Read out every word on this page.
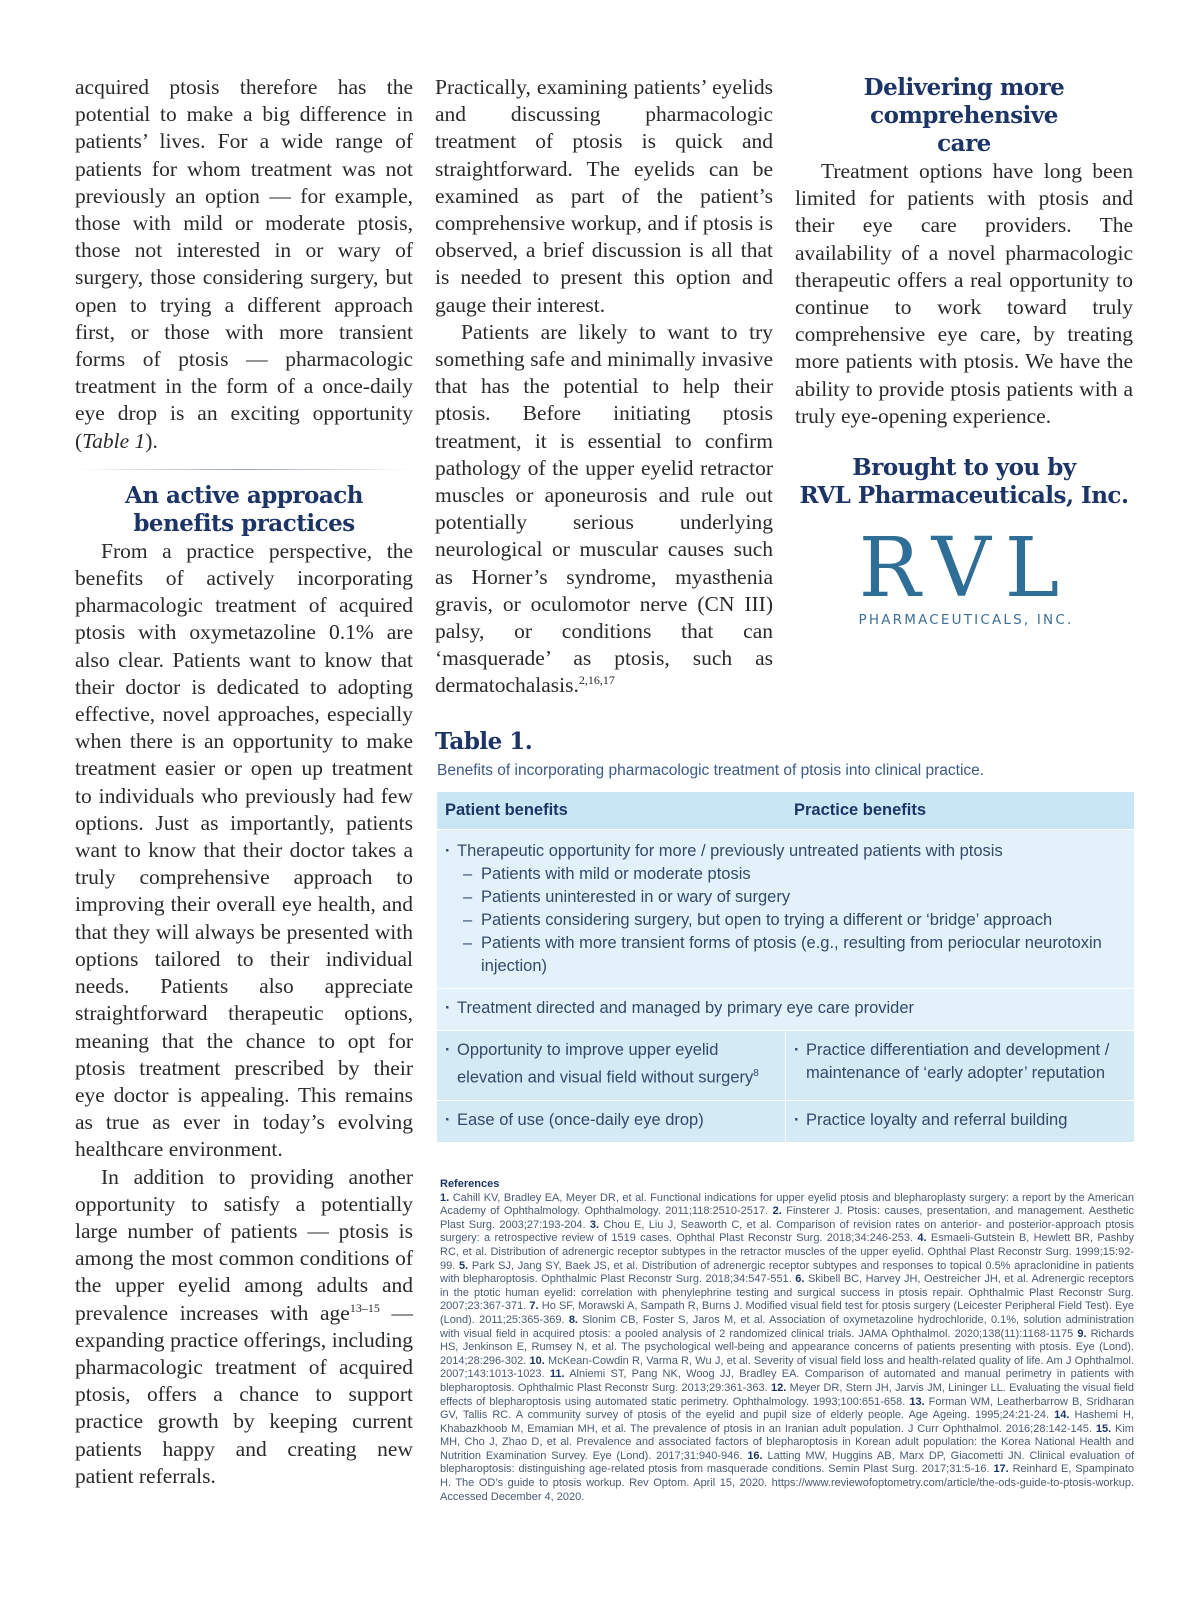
acquired ptosis therefore has the potential to make a big difference in patients’ lives. For a wide range of patients for whom treatment was not previously an option — for example, those with mild or moderate ptosis, those not interested in or wary of surgery, those considering surgery, but open to trying a different approach first, or those with more transient forms of ptosis — pharmacologic treatment in the form of a once-daily eye drop is an exciting opportunity (Table 1).

An active approach benefits practices

From a practice perspective, the benefits of actively incorporating pharmacologic treatment of acquired ptosis with oxymetazoline 0.1% are also clear. Patients want to know that their doctor is dedicated to adopting effective, novel approaches, especially when there is an opportunity to make treatment easier or open up treatment to individuals who previously had few options. Just as importantly, patients want to know that their doctor takes a truly comprehensive approach to improving their overall eye health, and that they will always be presented with options tailored to their individual needs. Patients also appreciate straightforward therapeutic options, meaning that the chance to opt for ptosis treatment prescribed by their eye doctor is appealing. This remains as true as ever in today’s evolving healthcare environment.

In addition to providing another opportunity to satisfy a potentially large number of patients — ptosis is among the most common conditions of the upper eyelid among adults and prevalence increases with age$^{13-15}$ — expanding practice offerings, including pharmacologic treatment of acquired ptosis, offers a chance to support practice growth by keeping current patients happy and creating new patient referrals.

Practically, examining patients’ eyelids and discussing pharmacologic treatment of ptosis is quick and straightforward. The eyelids can be examined as part of the patient’s comprehensive workup, and if ptosis is observed, a brief discussion is all that is needed to present this option and gauge their interest.

Patients are likely to want to try something safe and minimally invasive that has the potential to help their ptosis. Before initiating ptosis treatment, it is essential to confirm pathology of the upper eyelid retractor muscles or aponeurosis and rule out potentially serious underlying neurological or muscular causes such as Horner’s syndrome, myasthenia gravis, or oculomotor nerve (CN III) palsy, or conditions that can ‘masquerade’ as ptosis, such as dermatochalasis.$^{2,16,17}$

Delivering more comprehensive care

Treatment options have long been limited for patients with ptosis and their eye care providers. The availability of a novel pharmacologic therapeutic offers a real opportunity to continue to work toward truly comprehensive eye care, by treating more patients with ptosis. We have the ability to provide ptosis patients with a truly eye-opening experience.

Brought to you by
RVL Pharmaceuticals, Inc.
RVL
PHARMACEUTICALS, INC.
Table 1.
Benefits of incorporating pharmacologic treatment of ptosis into clinical practice.
Patient benefits	Practice benefits
· Therapeutic opportunity for more / previously untreated patients with ptosis
– Patients with mild or moderate ptosis
– Patients uninterested in or wary of surgery
– Patients considering surgery, but open to trying a different or ‘bridge’ approach
– Patients with more transient forms of ptosis (e.g., resulting from periocular neurotoxin injection)
· Treatment directed and managed by primary eye care provider
· Opportunity to improve upper eyelid elevation and visual field without surgery$^8$
· Practice differentiation and development / maintenance of ‘early adopter’ reputation
· Ease of use (once-daily eye drop)
·	Practice loyalty and referral building
References
1. Cahill KV, Bradley EA, Meyer DR, et al. Functional indications for upper eyelid ptosis and blepharoplasty surgery: a report by the American Academy of Ophthalmology. Ophthalmology. 2011;118:2510-2517. 2. Finsterer J. Ptosis: causes, presentation, and management. Aesthetic Plast Surg. 2003;27:193-204. 3. Chou E, Liu J, Seaworth C, et al. Comparison of revision rates on anterior- and posterior-approach ptosis surgery: a retrospective review of 1519 cases. Ophthal Plast Reconstr Surg. 2018;34:246-253. 4. Esmaeli-Gutstein B, Hewlett BR, Pashby RC, et al. Distribution of adrenergic receptor subtypes in the retractor muscles of the upper eyelid. Ophthal Plast Reconstr Surg. 1999;15:92-99. 5. Park SJ, Jang SY, Baek JS, et al. Distribution of adrenergic receptor subtypes and responses to topical 0.5% apraclonidine in patients with blepharoptosis. Ophthalmic Plast Reconstr Surg. 2018;34:547-551. 6. Skibell BC, Harvey JH, Oestreicher JH, et al. Adrenergic receptors in the ptotic human eyelid: correlation with phenylephrine testing and surgical success in ptosis repair. Ophthalmic Plast Reconstr Surg. 2007;23:367-371. 7. Ho SF, Morawski A, Sampath R, Burns J. Modified visual field test for ptosis surgery (Leicester Peripheral Field Test). Eye (Lond). 2011;25:365-369. 8. Slonim CB, Foster S, Jaros M, et al. Association of oxymetazoline hydrochloride, 0.1%, solution administration with visual field in acquired ptosis: a pooled analysis of 2 randomized clinical trials. JAMA Ophthalmol. 2020;138(11):1168-1175 9. Richards HS, Jenkinson E, Rumsey N, et al. The psychological well-being and appearance concerns of patients presenting with ptosis. Eye (Lond). 2014;28:296-302. 10. McKean-Cowdin R, Varma R, Wu J, et al. Severity of visual field loss and health-related quality of life. Am J Ophthalmol. 2007;143:1013-1023. 11. Alniemi ST, Pang NK, Woog JJ, Bradley EA. Comparison of automated and manual perimetry in patients with blepharoptosis. Ophthalmic Plast Reconstr Surg. 2013;29:361-363. 12. Meyer DR, Stern JH, Jarvis JM, Lininger LL. Evaluating the visual field effects of blepharoptosis using automated static perimetry. Ophthalmology. 1993;100:651-658. 13. Forman WM, Leatherbarrow B, Sridharan GV, Tallis RC. A community survey of ptosis of the eyelid and pupil size of elderly people. Age Ageing. 1995;24:21-24. 14. Hashemi H, Khabazkhoob M, Emamian MH, et al. The prevalence of ptosis in an Iranian adult population. J Curr Ophthalmol. 2016;28:142-145. 15. Kim MH, Cho J, Zhao D, et al. Prevalence and associated factors of blepharoptosis in Korean adult population: the Korea National Health and Nutrition Examination Survey. Eye (Lond). 2017;31:940-946. 16. Latting MW, Huggins AB, Marx DP, Giacometti JN. Clinical evaluation of blepharoptosis: distinguishing age-related ptosis from masquerade conditions. Semin Plast Surg. 2017;31:5-16. 17. Reinhard E, Spampinato H. The OD’s guide to ptosis workup. Rev Optom. April 15, 2020. https://www.reviewofoptometry.com/article/the-ods-guide-to-ptosis-workup. Accessed December 4, 2020.
